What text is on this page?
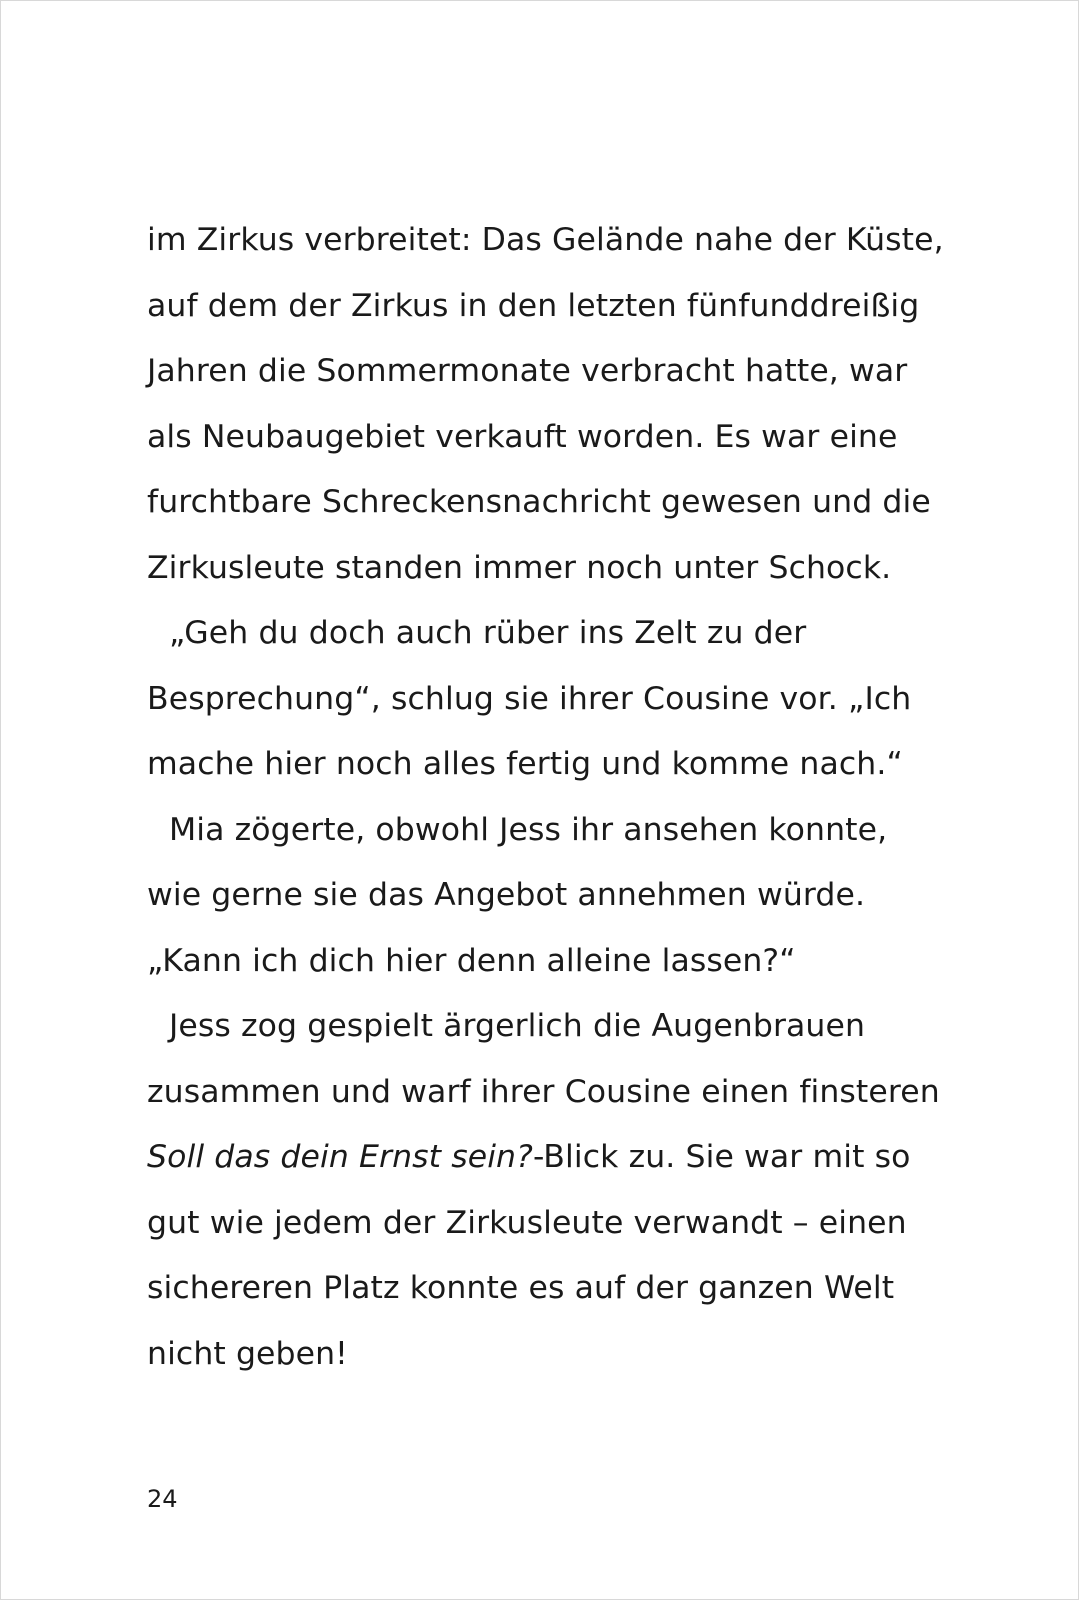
im Zirkus verbreitet: Das Gelände nahe der Küste,
auf dem der Zirkus in den letzten fünfunddreißig
Jahren die Sommermonate verbracht hatte, war
als Neubaugebiet verkauft worden. Es war eine
furchtbare Schreckensnachricht gewesen und die
Zirkusleute standen immer noch unter Schock.
„Geh du doch auch rüber ins Zelt zu der
Besprechung“, schlug sie ihrer Cousine vor. „Ich
mache hier noch alles fertig und komme nach.“
Mia zögerte, obwohl Jess ihr ansehen konnte,
wie gerne sie das Angebot annehmen würde.
„Kann ich dich hier denn alleine lassen?“
Jess zog gespielt ärgerlich die Augenbrauen
zusammen und warf ihrer Cousine einen finsteren
Soll das dein Ernst sein?-Blick zu. Sie war mit so
gut wie jedem der Zirkusleute verwandt – einen
sichereren Platz konnte es auf der ganzen Welt
nicht geben!
24
